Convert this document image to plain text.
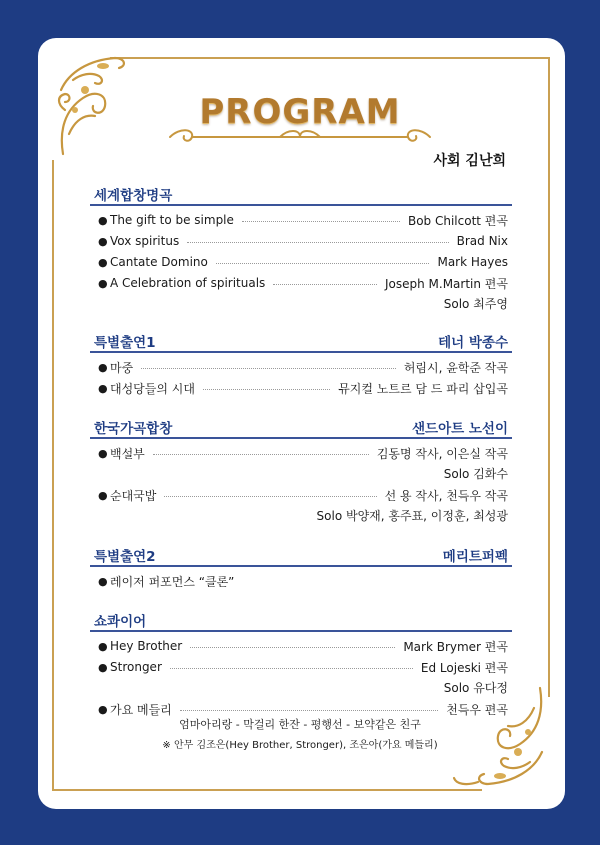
PROGRAM
사회 김난희
세계합창명곡
● The gift to be simple	Bob Chilcott 편곡
● Vox spiritus	Brad Nix
● Cantate Domino	Mark Hayes
● A Celebration of spirituals	Joseph M.Martin 편곡
Solo 최주영
특별출연1	테너 박종수
● 마중	허림시, 윤학준 작곡
● 대성당들의 시대	뮤지컬 노트르 담 드 파리 삽입곡
한국가곡합창	샌드아트 노선이
● 백설부	김동명 작사, 이은실 작곡
Solo 김화수
● 순대국밥	선 용 작사, 천득우 작곡
Solo 박양재, 홍주표, 이정훈, 최성광
특별출연2	메리트퍼펙
● 레이저 퍼포먼스 “클론”
쇼콰이어
● Hey Brother	Mark Brymer 편곡
● Stronger	Ed Lojeski 편곡
Solo 유다정
● 가요 메들리	천득우 편곡
엄마아리랑 - 막걸리 한잔 - 평행선 - 보약같은 친구
※ 안무 김조은(Hey Brother, Stronger), 조은아(가요 메들리)
